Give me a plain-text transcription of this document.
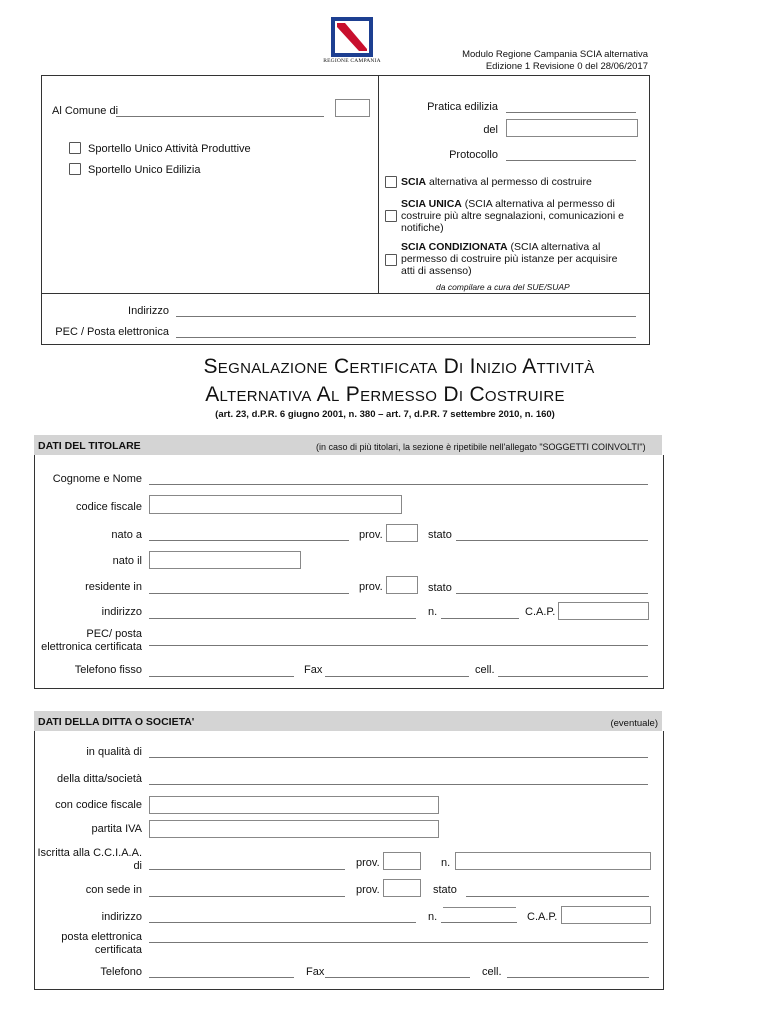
REGIONE CAMPANIA
Modulo Regione Campania SCIA alternativa
Edizione 1 Revisione 0 del 28/06/2017
Al Comune di
Sportello Unico Attività Produttive
Sportello Unico Edilizia
Pratica edilizia
del
Protocollo
SCIA alternativa al permesso di costruire
SCIA UNICA (SCIA alternativa al permesso di costruire più altre segnalazioni, comunicazioni e notifiche)
SCIA CONDIZIONATA (SCIA alternativa al permesso di costruire più istanze per acquisire atti di assenso)
da compilare a cura del SUE/SUAP
Indirizzo
PEC / Posta elettronica
SEGNALAZIONE CERTIFICATA DI INIZIO ATTIVITÀ
ALTERNATIVA AL PERMESSO DI COSTRUIRE
(art. 23, d.P.R. 6 giugno 2001, n. 380 – art. 7, d.P.R. 7 settembre 2010, n. 160)
DATI DEL TITOLARE	(in caso di più titolari, la sezione è ripetibile nell'allegato "SOGGETTI COINVOLTI")
Cognome e Nome
codice fiscale
nato a	prov.	stato
nato il
residente in	prov.	stato
indirizzo	n.	C.A.P.
PEC/ posta
elettronica certificata
Telefono fisso	Fax	cell.
DATI DELLA DITTA O SOCIETA'	(eventuale)
in qualità di
della ditta/società
con codice fiscale
partita IVA
Iscritta alla C.C.I.A.A.
di	prov.	n.
con sede in	prov.	stato
indirizzo	n.	C.A.P.
posta elettronica
certificata
Telefono	Fax	cell.
